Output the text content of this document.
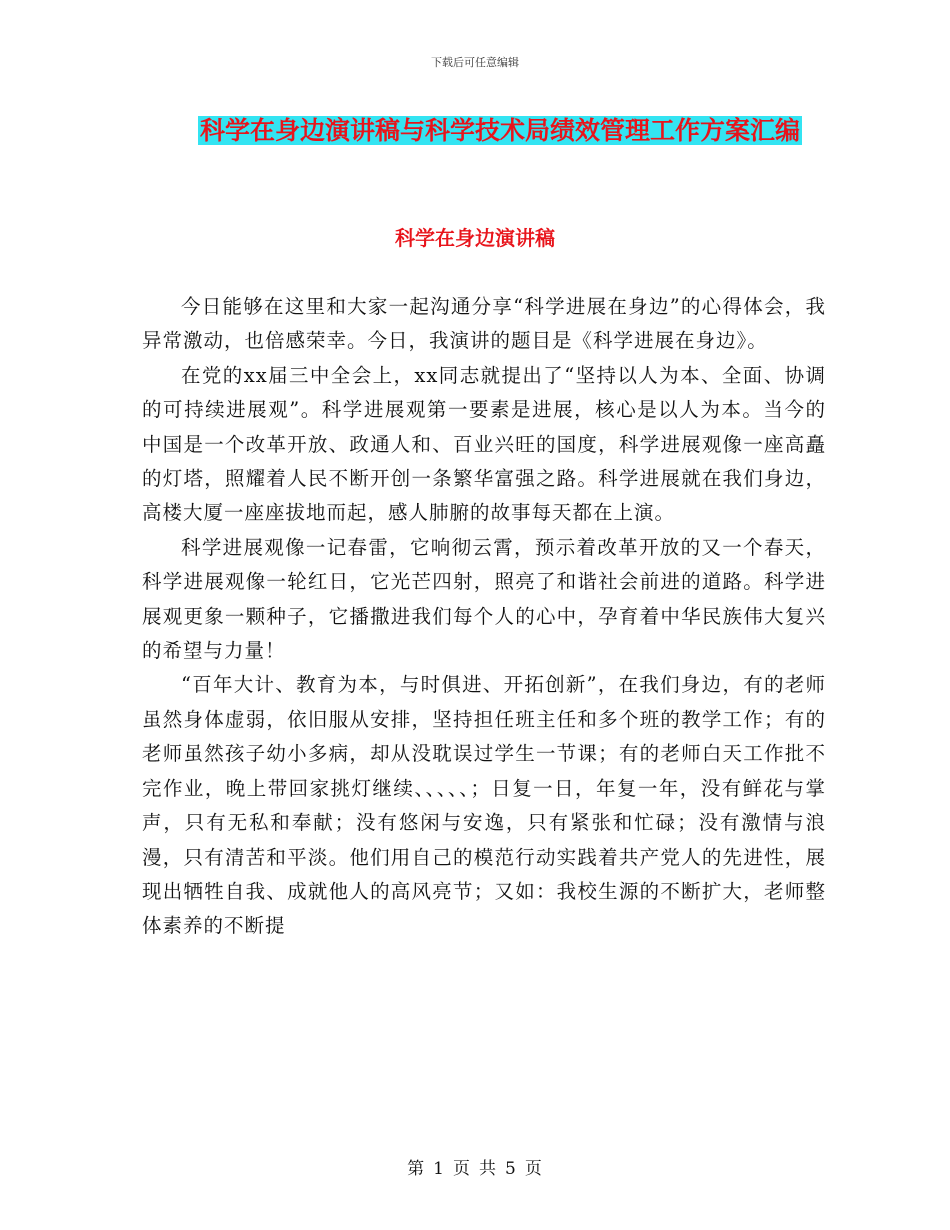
下载后可任意编辑
科学在身边演讲稿与科学技术局绩效管理工作方案汇编
科学在身边演讲稿

今日能够在这里和大家一起沟通分享“科学进展在身边”的心得体会，我异常激动，也倍感荣幸。今日，我演讲的题目是《科学进展在身边》。

在党的xx届三中全会上，xx同志就提出了“坚持以人为本、全面、协调的可持续进展观”。科学进展观第一要素是进展，核心是以人为本。当今的中国是一个改革开放、政通人和、百业兴旺的国度，科学进展观像一座高矗的灯塔，照耀着人民不断开创一条繁华富强之路。科学进展就在我们身边，高楼大厦一座座拔地而起，感人肺腑的故事每天都在上演。

科学进展观像一记春雷，它响彻云霄，预示着改革开放的又一个春天，科学进展观像一轮红日，它光芒四射，照亮了和谐社会前进的道路。科学进展观更象一颗种子，它播撒进我们每个人的心中，孕育着中华民族伟大复兴的希望与力量！

“百年大计、教育为本，与时俱进、开拓创新”，在我们身边，有的老师虽然身体虚弱，依旧服从安排，坚持担任班主任和多个班的教学工作；有的老师虽然孩子幼小多病，却从没耽误过学生一节课；有的老师白天工作批不完作业，晚上带回家挑灯继续、、、、、；日复一日，年复一年，没有鲜花与掌声，只有无私和奉献；没有悠闲与安逸，只有紧张和忙碌；没有激情与浪漫，只有清苦和平淡。他们用自己的模范行动实践着共产党人的先进性，展现出牺牲自我、成就他人的高风亮节；又如：我校生源的不断扩大，老师整体素养的不断提

第 1 页 共 5 页
